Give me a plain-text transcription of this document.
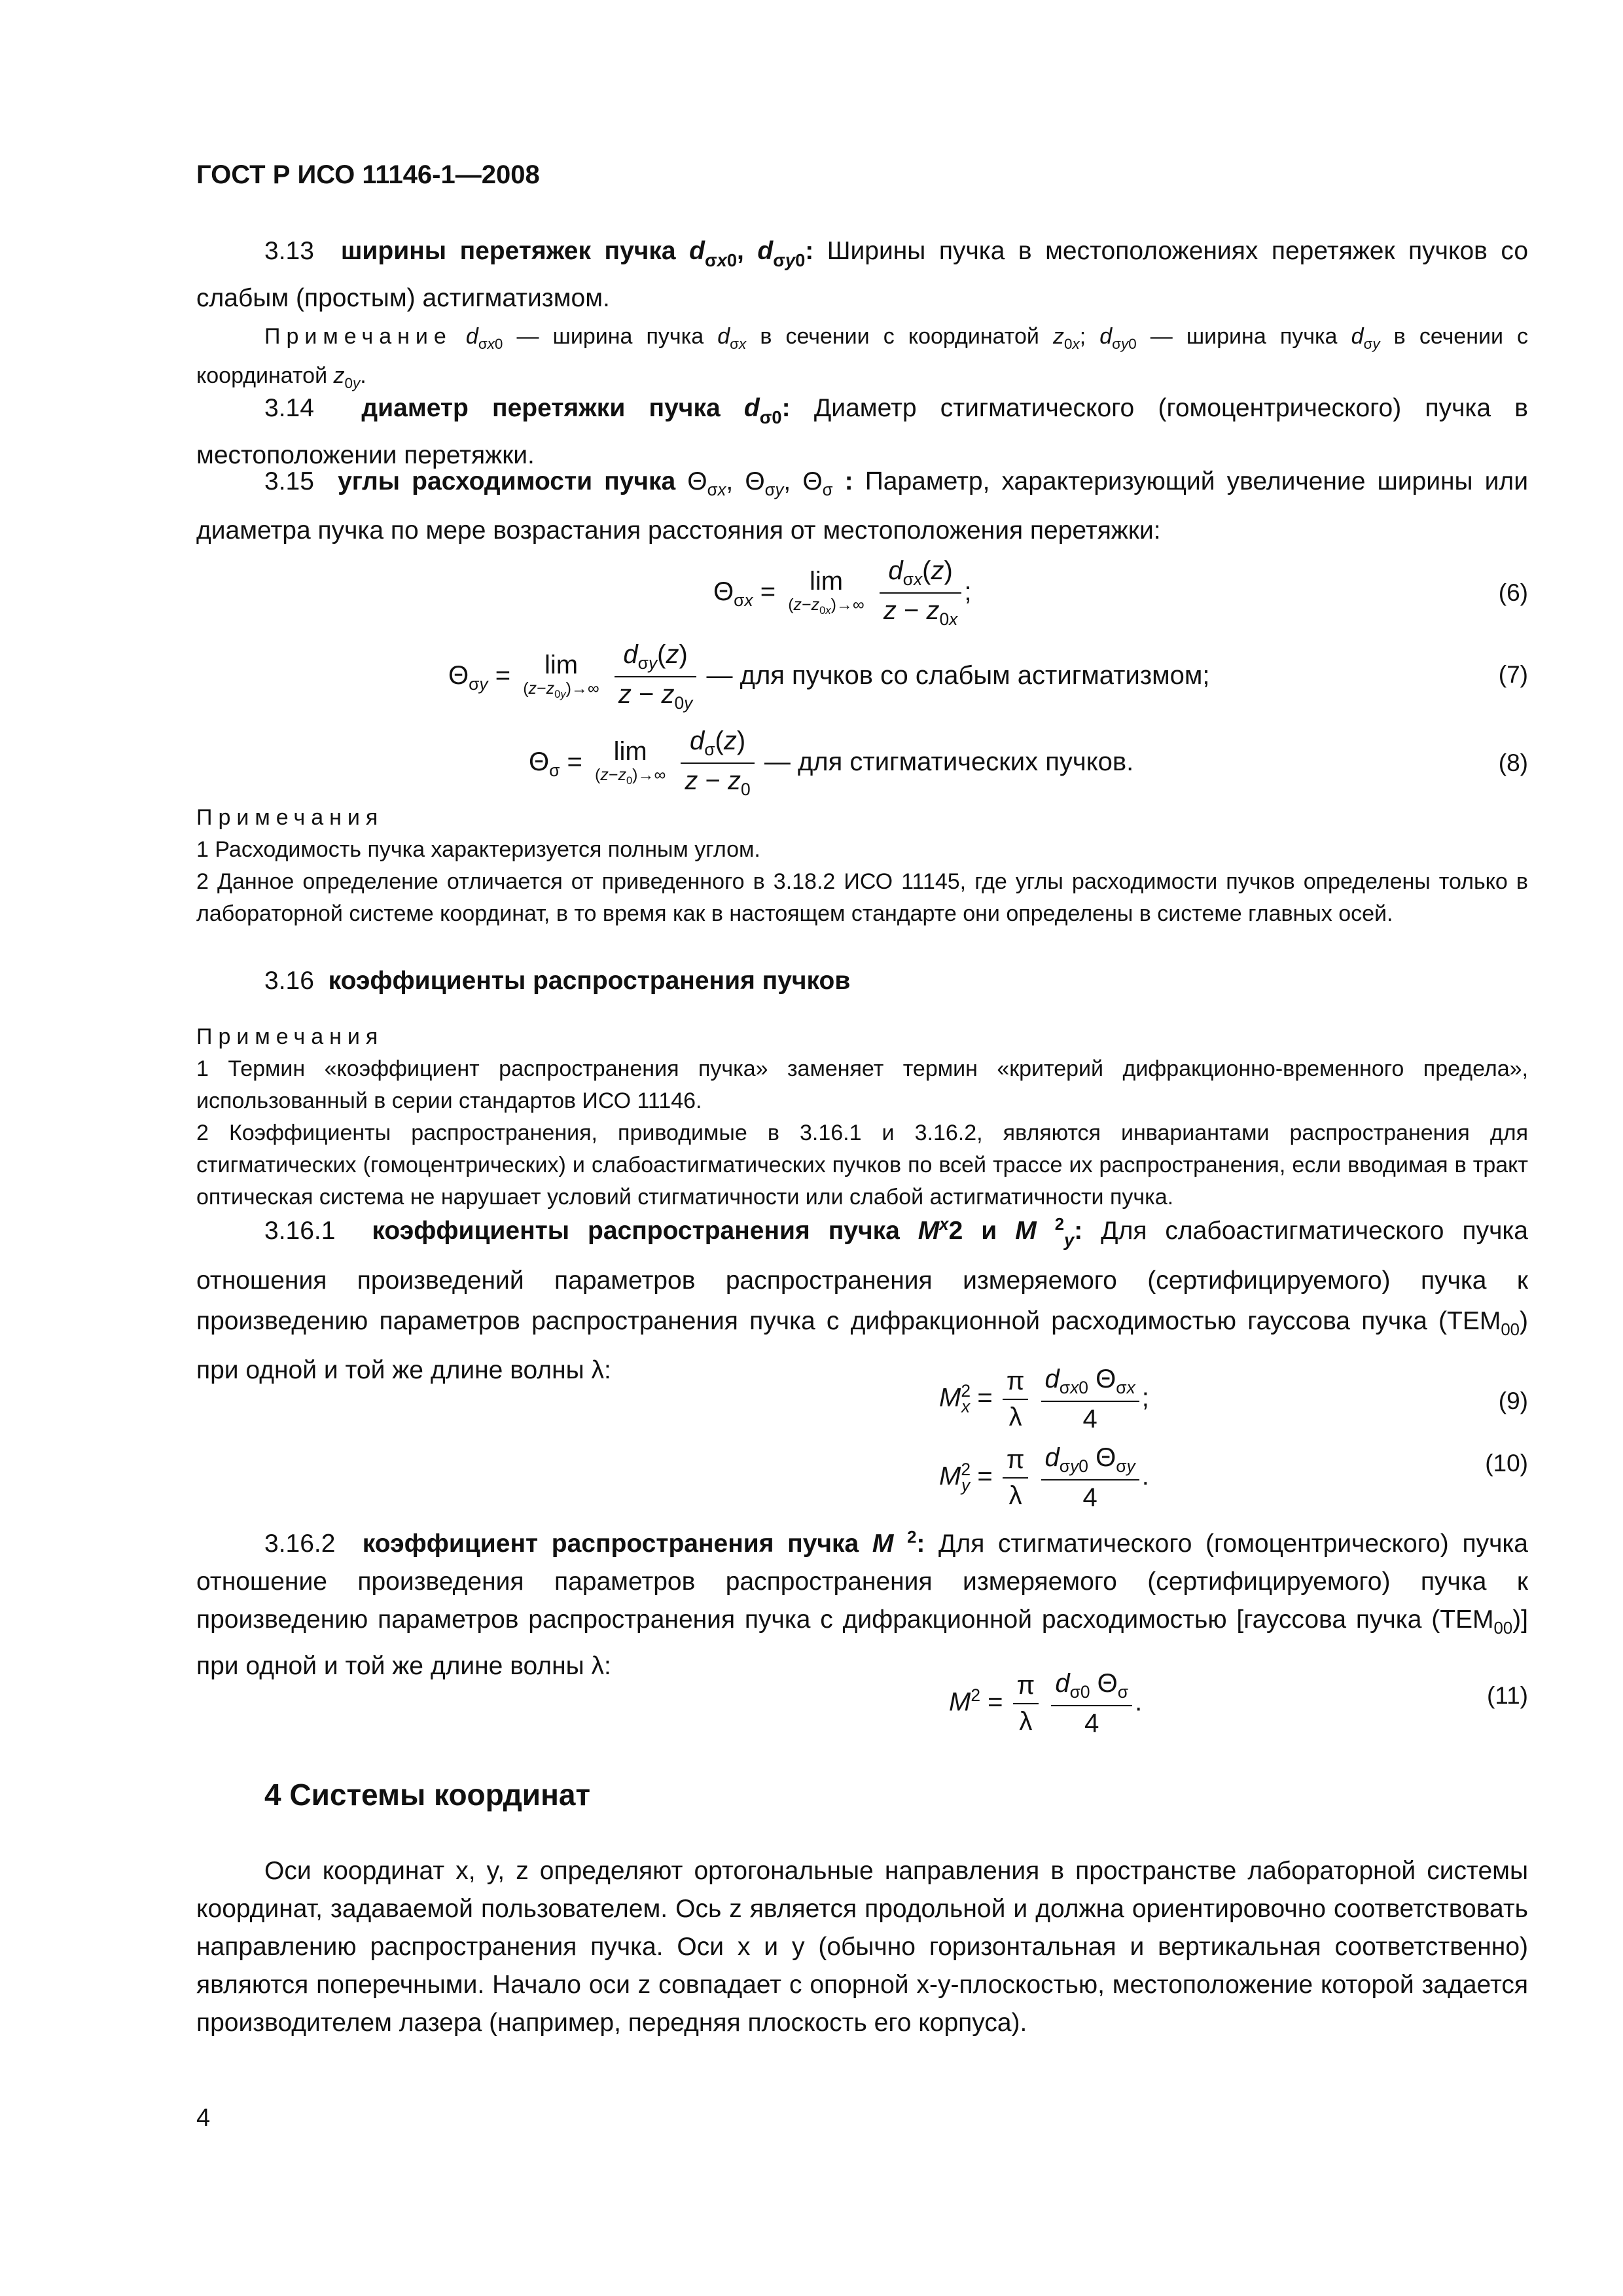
ГОСТ Р ИСО 11146-1—2008
3.13 ширины перетяжек пучка $d_{\sigma x0}$, $d_{\sigma y0}$: Ширины пучка в местоположениях перетяжек пучков со слабым (простым) астигматизмом.
Примечание $d_{\sigma x0}$ — ширина пучка $d_{\sigma x}$ в сечении с координатой $z_{0x}$; $d_{\sigma y0}$ — ширина пучка $d_{\sigma y}$ в сечении с координатой $z_{0y}$.
3.14 диаметр перетяжки пучка $d_{\sigma 0}$: Диаметр стигматического (гомоцентрического) пучка в местоположении перетяжки.
3.15 углы расходимости пучка $\Theta_{\sigma x}$, $\Theta_{\sigma y}$, $\Theta_\sigma$ : Параметр, характеризующий увеличение ширины или диаметра пучка по мере возрастания расстояния от местоположения перетяжки:
$\Theta_{\sigma x}$ =	lim
$(z-z_{0x})\to\infty$
$\frac{d_{\sigma x}(z)}{z - z_{0x}}$ ;	(6)
$\Theta_{\sigma y}$ =	lim
$(z-z_{0y})\to\infty$
$\frac{d_{\sigma y}(z)}{z - z_{0y}}$ — для пучков со слабым астигматизмом;	(7)
$\Theta_\sigma = \lim$
$(z-z_0)\to\infty$
$\frac{d_\sigma(z)}{z - z_0}$ — для стигматических пучков.	(8)
Примечания
1 Расходимость пучка характеризуется полным углом.
2 Данное определение отличается от приведенного в 3.18.2 ИСО 11145, где углы расходимости пучков определены только в лабораторной системе координат, в то время как в настоящем стандарте они определены в системе главных осей.
3.16 коэффициенты распространения пучков
Примечания
1 Термин «коэффициент распространения пучка» заменяет термин «критерий дифракционно-временного предела», использованный в серии стандартов ИСО 11146.
2 Коэффициенты распространения, приводимые в 3.16.1 и 3.16.2, являются инвариантами распространения для стигматических (гомоцентрических) и слабоастигматических пучков по всей трассе их распространения, если вводимая в тракт оптическая система не нарушает условий стигматичности или слабой астигматичности пучка.
3.16.1 коэффициенты распространения пучка $M^x2$ и M $^2_y$: Для слабоастигматического пучка отношения произведений параметров распространения измеряемого (сертифицируемого) пучка к произведению параметров распространения пучка с дифракционной расходимостью гауссова пучка $(TEM_{00})$ при одной и той же длине волны λ:
$M^2_x = \frac{\pi}{\lambda}$
$\frac{d_{\sigma x0} \Theta_{\sigma x}}{4}$ ;	(9)
$M^2_y = \frac{\pi}{\lambda}$
$\frac{d_{\sigma y0} \Theta_{\sigma y}}{4}$ .	(10)
3.16.2 коэффициент распространения пучка M $^2$: Для стигматического (гомоцентрического) пучка отношение произведения параметров распространения измеряемого (сертифицируемого) пучка к произведению параметров распространения пучка с дифракционной расходимостью [гауссова пучка $(TEM_{00})$] при одной и той же длине волны λ:
$M^2 = \frac{\pi}{\lambda}$
$\frac{d_{\sigma 0} \Theta_\sigma}{4}$ .	(11)
4 Системы координат
Оси координат x, y, z определяют ортогональные направления в пространстве лабораторной системы координат, задаваемой пользователем. Ось z является продольной и должна ориентировочно соответствовать направлению распространения пучка. Оси x и y (обычно горизонтальная и вертикальная соответственно) являются поперечными. Начало оси z совпадает с опорной x-y-плоскостью, местоположение которой задается производителем лазера (например, передняя плоскость его корпуса).
4
